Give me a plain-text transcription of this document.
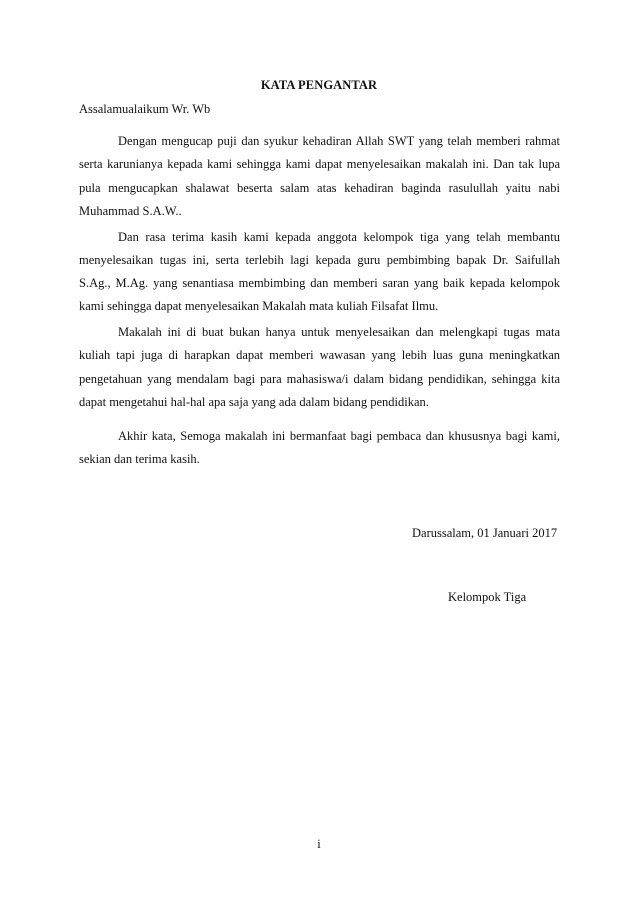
KATA PENGANTAR
Assalamualaikum Wr. Wb
Dengan mengucap puji dan syukur kehadiran Allah SWT yang telah memberi rahmat
serta karunianya kepada kami sehingga kami dapat menyelesaikan makalah ini. Dan tak lupa
pula mengucapkan shalawat beserta salam atas kehadiran baginda rasulullah yaitu nabi
Muhammad S.A.W..
Dan rasa terima kasih kami kepada anggota kelompok tiga yang telah membantu
menyelesaikan tugas ini, serta terlebih lagi kepada guru pembimbing bapak Dr. Saifullah
S.Ag., M.Ag. yang senantiasa membimbing dan memberi saran yang baik kepada kelompok
kami sehingga dapat menyelesaikan Makalah mata kuliah Filsafat Ilmu.
Makalah ini di buat bukan hanya untuk menyelesaikan dan melengkapi tugas mata
kuliah tapi juga di harapkan dapat memberi wawasan yang lebih luas guna meningkatkan
pengetahuan yang mendalam bagi para mahasiswa/i dalam bidang pendidikan, sehingga kita
dapat mengetahui hal-hal apa saja yang ada dalam bidang pendidikan.
Akhir kata, Semoga makalah ini bermanfaat bagi pembaca dan khususnya bagi kami,
sekian dan terima kasih.
Darussalam, 01 Januari 2017
Kelompok Tiga
i
